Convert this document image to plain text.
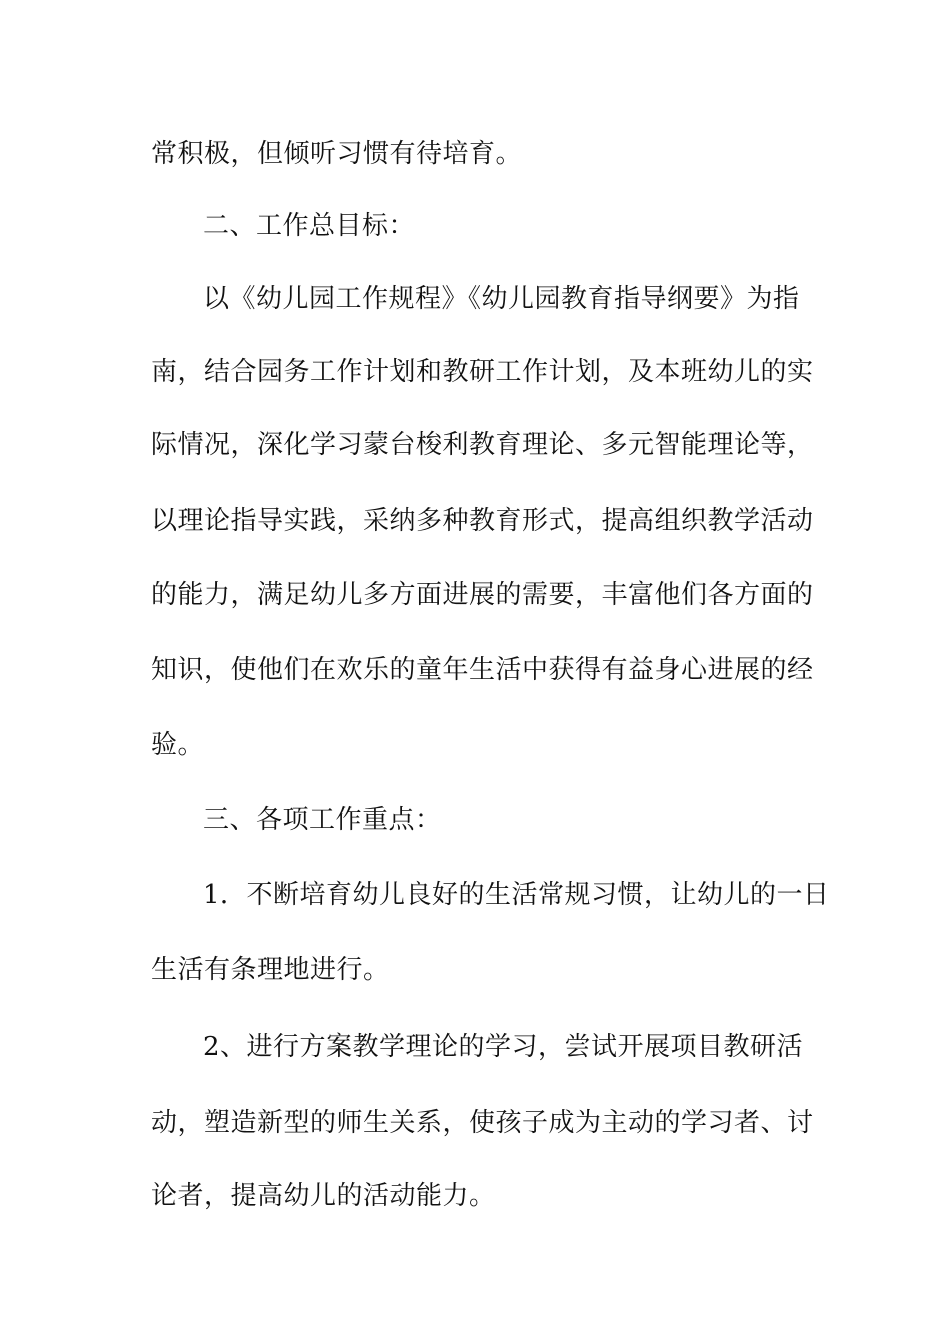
常积极，但倾听习惯有待培育。
二、工作总目标：
以《幼儿园工作规程》《幼儿园教育指导纲要》为指
南，结合园务工作计划和教研工作计划，及本班幼儿的实
际情况，深化学习蒙台梭利教育理论、多元智能理论等，
以理论指导实践，采纳多种教育形式，提高组织教学活动
的能力，满足幼儿多方面进展的需要，丰富他们各方面的
知识，使他们在欢乐的童年生活中获得有益身心进展的经
验。
三、各项工作重点：
1．不断培育幼儿良好的生活常规习惯，让幼儿的一日
生活有条理地进行。
2、进行方案教学理论的学习，尝试开展项目教研活
动，塑造新型的师生关系，使孩子成为主动的学习者、讨
论者，提高幼儿的活动能力。
